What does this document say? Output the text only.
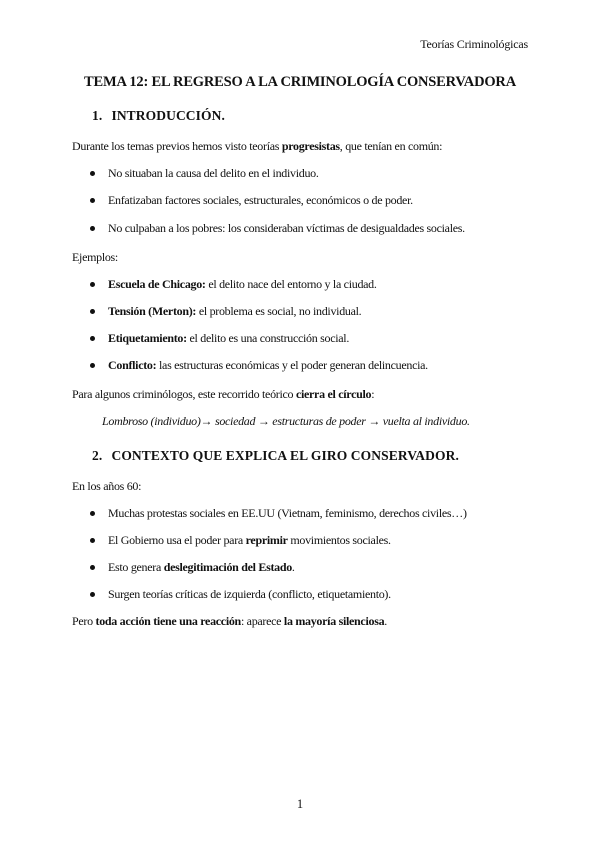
Teorías Criminológicas
TEMA 12: EL REGRESO A LA CRIMINOLOGÍA CONSERVADORA
1. INTRODUCCIÓN.
Durante los temas previos hemos visto teorías progresistas, que tenían en común:
No situaban la causa del delito en el individuo.
Enfatizaban factores sociales, estructurales, económicos o de poder.
No culpaban a los pobres: los consideraban víctimas de desigualdades sociales.
Ejemplos:
Escuela de Chicago: el delito nace del entorno y la ciudad.
Tensión (Merton): el problema es social, no individual.
Etiquetamiento: el delito es una construcción social.
Conflicto: las estructuras económicas y el poder generan delincuencia.
Para algunos criminólogos, este recorrido teórico cierra el círculo:
Lombroso (individuo)→ sociedad → estructuras de poder → vuelta al individuo.
2. CONTEXTO QUE EXPLICA EL GIRO CONSERVADOR.
En los años 60:
Muchas protestas sociales en EE.UU (Vietnam, feminismo, derechos civiles…)
El Gobierno usa el poder para reprimir movimientos sociales.
Esto genera deslegitimación del Estado.
Surgen teorías críticas de izquierda (conflicto, etiquetamiento).
Pero toda acción tiene una reacción: aparece la mayoría silenciosa.
1
